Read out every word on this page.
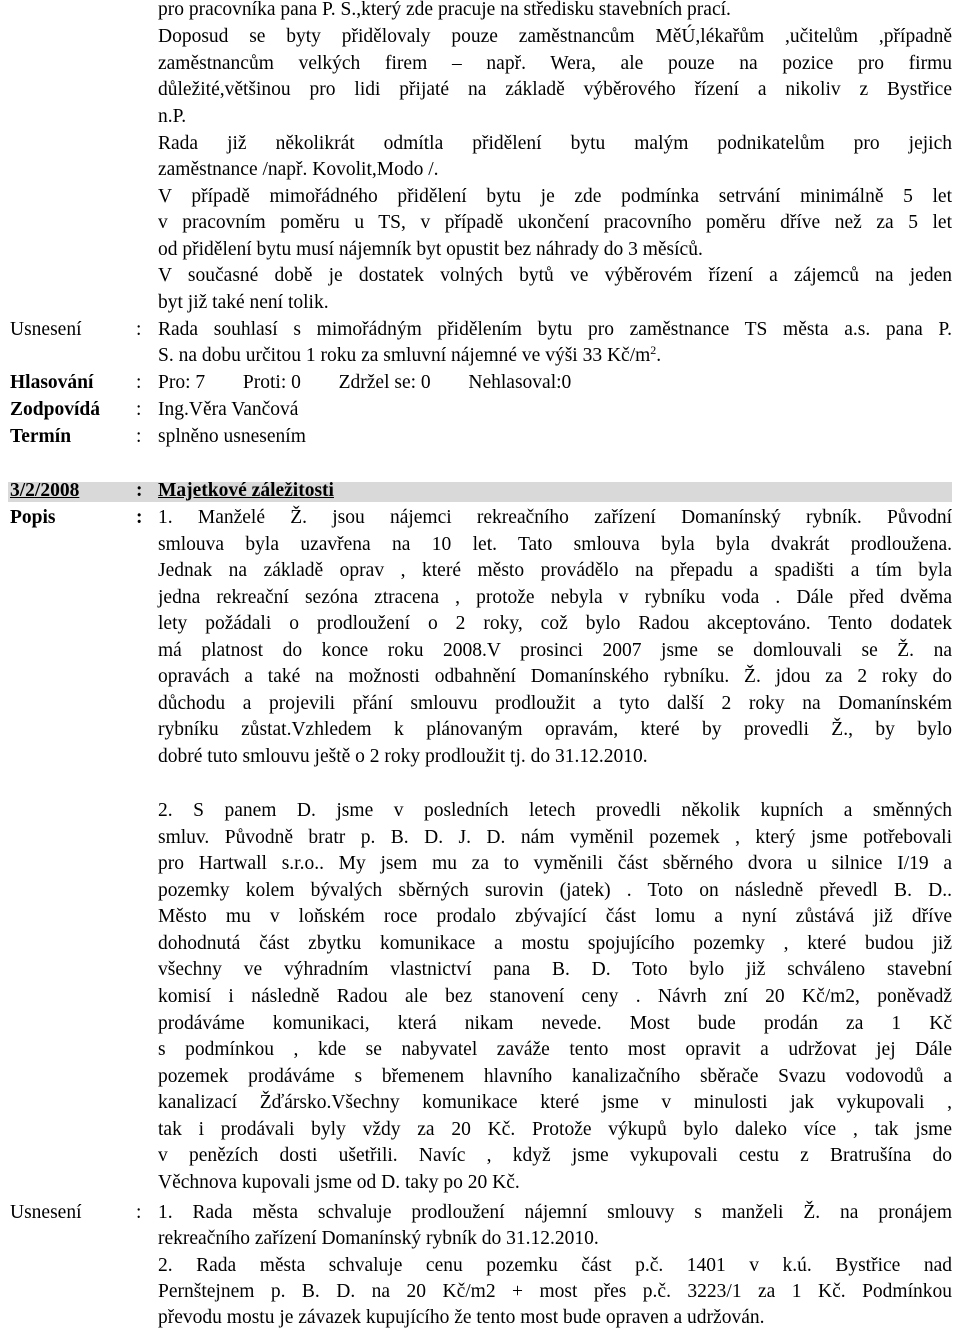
pro pracovníka pana P. S.,který zde pracuje na středisku stavebních prací.
Doposud se byty přidělovaly pouze zaměstnancům MěÚ,lékařům ,učitelům ,případně
zaměstnancům velkých firem – např. Wera, ale pouze na pozice pro firmu
důležité,většinou pro lidi přijaté na základě výběrového řízení a nikoliv z Bystřice
n.P.
Rada již několikrát odmítla přidělení bytu malým podnikatelům pro jejich
zaměstnance /např. Kovolit,Modo /.
V případě mimořádného přidělení bytu je zde podmínka setrvání minimálně 5 let
v pracovním poměru u TS, v případě ukončení pracovního poměru dříve než za 5 let
od přidělení bytu musí nájemník byt opustit bez náhrady do 3 měsíců.
V současné době je dostatek volných bytů ve výběrovém řízení a zájemců na jeden
byt již také není tolik.
Usnesení	: Rada souhlasí s mimořádným přidělením bytu pro zaměstnance TS města a.s. pana P.
S. na dobu určitou 1 roku za smluvní nájemné ve výši 33 $Kč/m^2$.
Hlasování : Pro: 7 Proti: 0 Zdržel se: 0 Nehlasoval:0
Zodpovídá : Ing.Věra Vančová
Termín	: splněno usnesením
3/2/2008	: Majetkové záležitosti
Popis	: 1. Manželé Ž. jsou nájemci rekreačního zařízení Domanínský rybník. Původní
smlouva byla uzavřena na 10 let. Tato smlouva byla byla dvakrát prodloužena.
Jednak na základě oprav , které město provádělo na přepadu a spadišti a tím byla
jedna rekreační sezóna ztracena , protože nebyla v rybníku voda . Dále před dvěma
lety požádali o prodloužení o 2 roky, což bylo Radou akceptováno. Tento dodatek
má platnost do konce roku 2008.V prosinci 2007 jsme se domlouvali se Ž. na
opravách a také na možnosti odbahnění Domanínského rybníku. Ž. jdou za 2 roky do
důchodu a projevili přání smlouvu prodloužit a tyto další 2 roky na Domanínském
rybníku zůstat.Vzhledem k plánovaným opravám, které by provedli Ž., by bylo
dobré tuto smlouvu ještě o 2 roky prodloužit tj. do 31.12.2010.
2. S panem D. jsme v posledních letech provedli několik kupních a směnných
smluv. Původně bratr p. B. D. J. D. nám vyměnil pozemek , který jsme potřebovali
pro Hartwall s.r.o.. My jsem mu za to vyměnili část sběrného dvora u silnice I/19 a
pozemky kolem bývalých sběrných surovin (jatek) . Toto on následně převedl B. D..
Město mu v loňském roce prodalo zbývající část lomu a nyní zůstává již dříve
dohodnutá část zbytku komunikace a mostu spojujícího pozemky , které budou již
všechny ve výhradním vlastnictví pana B. D. Toto bylo již schváleno stavební
komisí i následně Radou ale bez stanovení ceny . Návrh zní 20 Kč/m2, poněvadž
prodáváme komunikaci, která nikam nevede. Most bude prodán za 1 Kč
s podmínkou , kde se nabyvatel zaváže tento most opravit a udržovat jej Dále
pozemek prodáváme s břemenem hlavního kanalizačního sběrače Svazu vodovodů a
kanalizací Žďársko.Všechny komunikace které jsme v minulosti jak vykupovali ,
tak i prodávali byly vždy za 20 Kč. Protože výkupů bylo daleko více , tak jsme
v penězích dosti ušetřili. Navíc , když jsme vykupovali cestu z Bratrušína do
Věchnova kupovali jsme od D. taky po 20 Kč.
Usnesení	: 1. Rada města schvaluje prodloužení nájemní smlouvy s manželi Ž. na pronájem
rekreačního zařízení Domanínský rybník do 31.12.2010.
2. Rada města schvaluje cenu pozemku část p.č. 1401 v k.ú. Bystřice nad
Pernštejnem p. B. D. na 20 Kč/m2 + most přes p.č. 3223/1 za 1 Kč. Podmínkou
převodu mostu je závazek kupujícího že tento most bude opraven a udržován.
